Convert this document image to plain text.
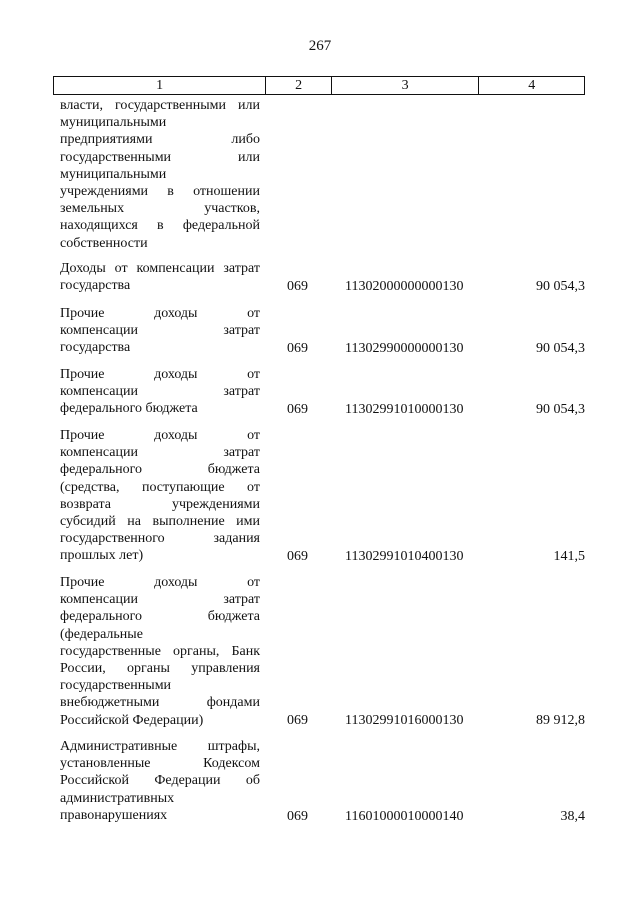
267
1	2	3	4
власти, государственными или
муниципальными
предприятиями либо
государственными или
муниципальными
учреждениями в отношении
земельных участков,
находящихся в федеральной
собственности
Доходы от компенсации затрат
государства	069	11302000000000130	90 054,3
Прочие доходы от
компенсации затрат
государства	069	11302990000000130	90 054,3
Прочие доходы от
компенсации затрат
федерального бюджета	069	11302991010000130	90 054,3
Прочие доходы от
компенсации затрат
федерального бюджета
(средства, поступающие от
возврата учреждениями
субсидий на выполнение ими
государственного задания
прошлых лет)	069	11302991010400130	141,5
Прочие доходы от
компенсации затрат
федерального бюджета
(федеральные
государственные органы, Банк
России, органы управления
государственными
внебюджетными фондами
Российской Федерации)	069	11302991016000130	89 912,8
Административные штрафы,
установленные Кодексом
Российской Федерации об
административных
правонарушениях	069	11601000010000140	38,4
